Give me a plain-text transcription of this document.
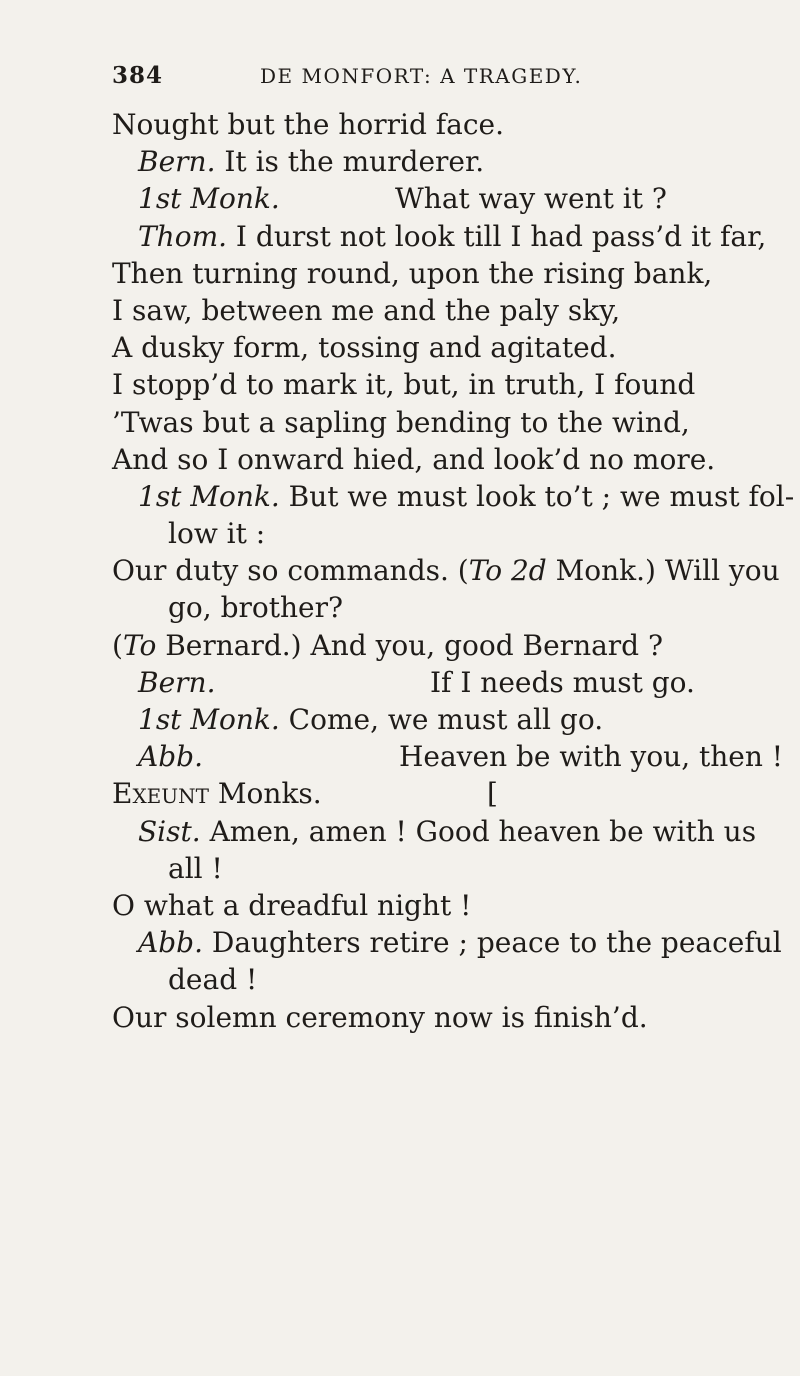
384	DE MONFORT: A TRAGEDY.
Nought but the horrid face.
Bern. It is the murderer.
1st Monk.	What way went it ?
Thom. I durst not look till I had pass’d it far,
Then turning round, upon the rising bank,
I saw, between me and the paly sky,
A dusky form, tossing and agitated.
I stopp’d to mark it, but, in truth, I found
’Twas but a sapling bending to the wind,
And so I onward hied, and look’d no more.
1st Monk. But we must look to’t ; we must fol-
low it :
Our duty so commands. (To 2d Monk.) Will you
go, brother?
(To Bernard.) And you, good Bernard ?
Bern.	If I needs must go.
1st Monk. Come, we must all go.
Abb.	Heaven be with you, then !
[
Exeunt Monks.
Sist. Amen, amen ! Good heaven be with us
all !
O what a dreadful night !
Abb. Daughters retire ; peace to the peaceful
dead !
Our solemn ceremony now is finish’d.
